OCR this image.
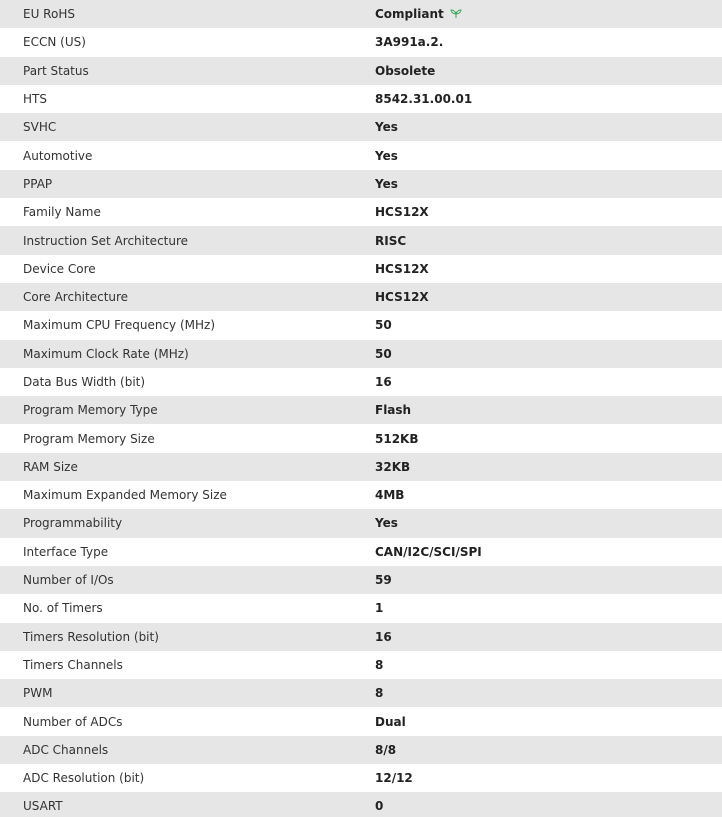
EU RoHS	Compliant
ECCN (US)	3A991a.2.
Part Status	Obsolete
HTS	8542.31.00.01
SVHC	Yes
Automotive	Yes
PPAP	Yes
Family Name	HCS12X
Instruction Set Architecture	RISC
Device Core	HCS12X
Core Architecture	HCS12X
Maximum CPU Frequency (MHz)	50
Maximum Clock Rate (MHz)	50
Data Bus Width (bit)	16
Program Memory Type	Flash
Program Memory Size	512KB
RAM Size	32KB
Maximum Expanded Memory Size	4MB
Programmability	Yes
Interface Type	CAN/I2C/SCI/SPI
Number of I/Os	59
No. of Timers	1
Timers Resolution (bit)	16
Timers Channels	8
PWM	8
Number of ADCs	Dual
ADC Channels	8/8
ADC Resolution (bit)	12/12
USART	0
